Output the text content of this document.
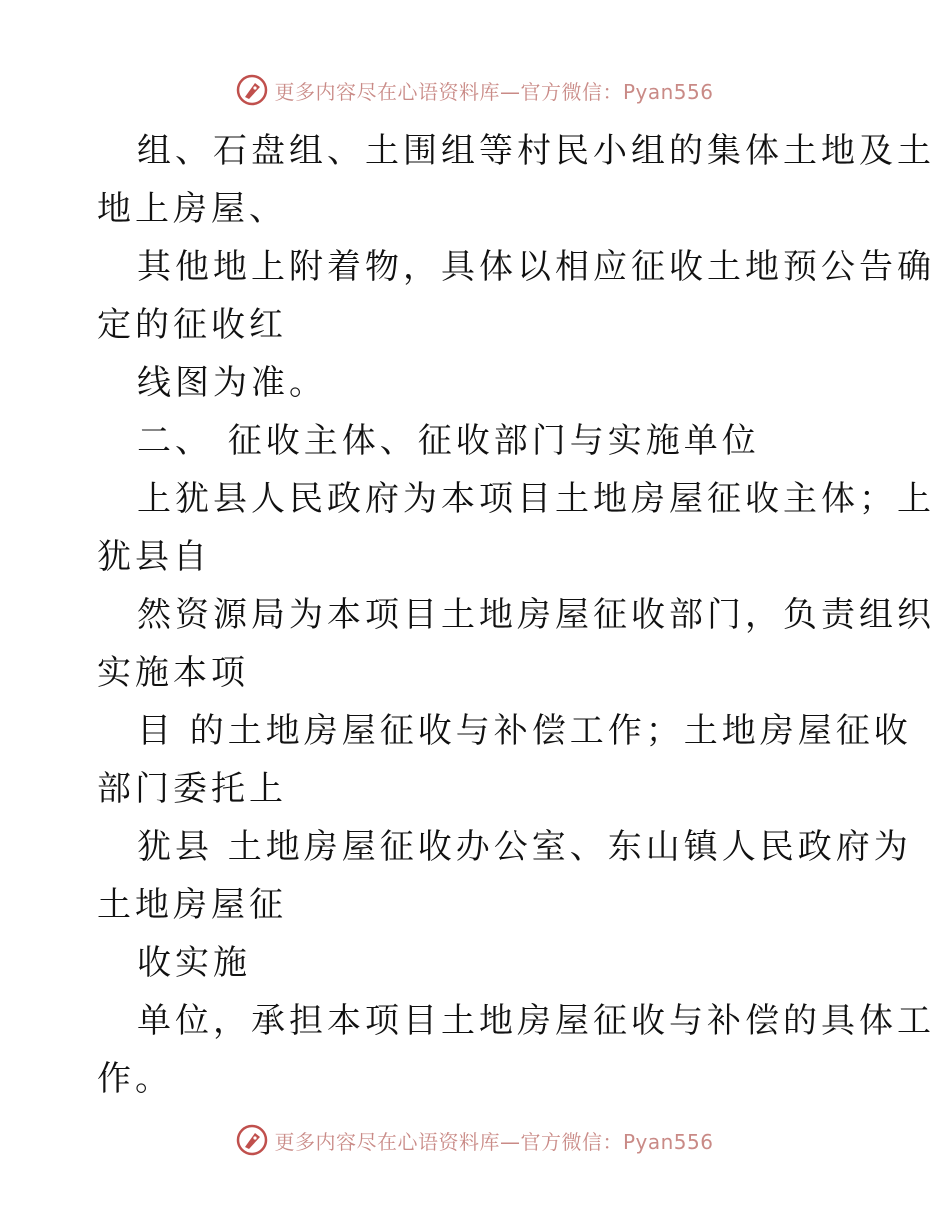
更多内容尽在心语资料库—官方微信：Pyan556
组、石盘组、土围组等村民小组的集体土地及土
地上房屋、
其他地上附着物，具体以相应征收土地预公告确
定的征收红
线图为准。
二、 征收主体、征收部门与实施单位
上犹县人民政府为本项目土地房屋征收主体；上
犹县自
然资源局为本项目土地房屋征收部门，负责组织
实施本项
目 的土地房屋征收与补偿工作；土地房屋征收
部门委托上
犹县 土地房屋征收办公室、东山镇人民政府为
土地房屋征
收实施
单位，承担本项目土地房屋征收与补偿的具体工
作。
更多内容尽在心语资料库—官方微信：Pyan556
